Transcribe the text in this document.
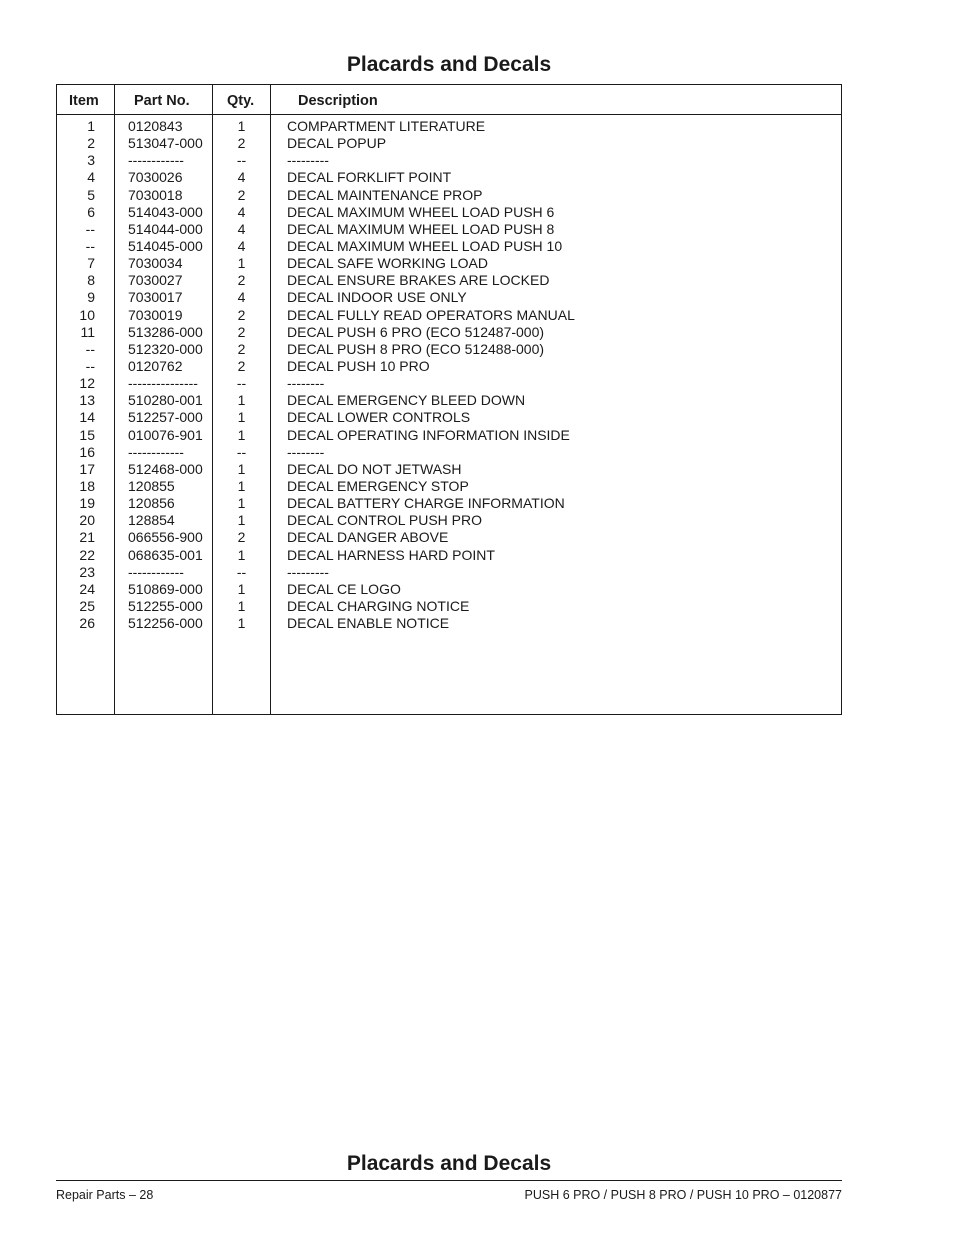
Placards and Decals
Item Part No.	Qty.	Description
1 0120843	1	COMPARTMENT LITERATURE
2 513047-000	2	DECAL POPUP
3 ------------	--	---------
4 7030026	4	DECAL FORKLIFT POINT
5 7030018	2	DECAL MAINTENANCE PROP
6 514043-000	4	DECAL MAXIMUM WHEEL LOAD PUSH 6
-- 514044-000	4	DECAL MAXIMUM WHEEL LOAD PUSH 8
-- 514045-000	4	DECAL MAXIMUM WHEEL LOAD PUSH 10
7 7030034	1	DECAL SAFE WORKING LOAD
8 7030027	2	DECAL ENSURE BRAKES ARE LOCKED
9 7030017	4	DECAL INDOOR USE ONLY
10 7030019	2	DECAL FULLY READ OPERATORS MANUAL
11 513286-000	2	DECAL PUSH 6 PRO (ECO 512487-000)
-- 512320-000	2	DECAL PUSH 8 PRO (ECO 512488-000)
-- 0120762	2	DECAL PUSH 10 PRO
12 ---------------	--	--------
13 510280-001	1	DECAL EMERGENCY BLEED DOWN
14 512257-000	1	DECAL LOWER CONTROLS
15 010076-901	1	DECAL OPERATING INFORMATION INSIDE
16 ------------	--	--------
17 512468-000	1	DECAL DO NOT JETWASH
18 120855	1	DECAL EMERGENCY STOP
19 120856	1	DECAL BATTERY CHARGE INFORMATION
20 128854	1	DECAL CONTROL PUSH PRO
21 066556-900	2	DECAL DANGER ABOVE
22 068635-001	1	DECAL HARNESS HARD POINT
23 ------------	--	---------
24 510869-000	1	DECAL CE LOGO
25 512255-000	1	DECAL CHARGING NOTICE
26 512256-000	1	DECAL ENABLE NOTICE
Placards and Decals
Repair Parts – 28	PUSH 6 PRO / PUSH 8 PRO / PUSH 10 PRO – 0120877
